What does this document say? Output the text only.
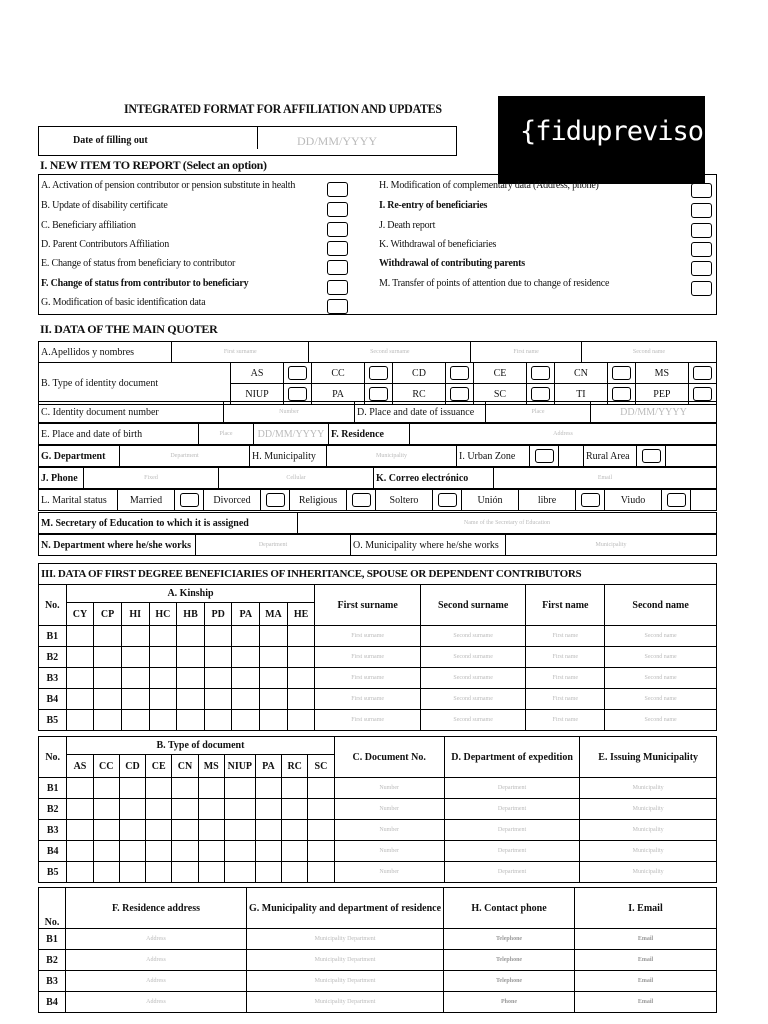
INTEGRATED FORMAT FOR AFFILIATION AND UPDATES
{fiduprevisora)
Date of filling out	DD/MM/YYYY
I. NEW ITEM TO REPORT (Select an option)
A. Activation of pension contributor or pension substitute in health
B. Update of disability certificate
C. Beneficiary affiliation
D. Parent Contributors Affiliation
E. Change of status from beneficiary to contributor
F. Change of status from contributor to beneficiary
G. Modification of basic identification data
H. Modification of complementary data (Address, phone)
I. Re-entry of beneficiaries
J. Death report
K. Withdrawal of beneficiaries
Withdrawal of contributing parents
M. Transfer of points of attention due to change of residence
II. DATA OF THE MAIN QUOTER
A.Apellidos y nombres	First surname	Second surname	First name	Second name
B. Type of identity document	AS		CC		CD		CE		CN		MS	
	NIUP		PA		RC		SC		TI		PEP	
C. Identity document number	Number	D. Place and date of issuance	Place	DD/MM/YYYY
E. Place and date of birth	Place	DD/MM/YYYY	F. Residence	Address
G. Department	Department	H. Municipality	Municipality	I. Urban Zone			Rural Area		
J. Phone	Fixed	Cellular	K. Correo electrónico	Email
L. Marital status	Married		Divorced		Religious		Soltero		Unión	libre		Viudo		
M. Secretary of Education to which it is assigned	Name of the Secretary of Education
N. Department where he/she works	Department	O. Municipality where he/she works	Municipality
III. DATA OF FIRST DEGREE BENEFICIARIES OF INHERITANCE, SPOUSE OR DEPENDENT CONTRIBUTORS
No.	A. Kinship									First surname	Second surname	First name	Second name
	CY	CP	HI	HC	HB	PD	PA	MA	HE				
B1										First surname	Second surname	First name	Second name
B2										First surname	Second surname	First name	Second name
B3										First surname	Second surname	First name	Second name
B4										First surname	Second surname	First name	Second name
B5										First surname	Second surname	First name	Second name
No.	B. Type of document										C. Document No.	D. Department of expedition	E. Issuing Municipality
	AS	CC	CD	CE	CN	MS	NIUP	PA	RC	SC			
B1											Number	Department	Municipality
B2											Number	Department	Municipality
B3											Number	Department	Municipality
B4											Number	Department	Municipality
B5											Number	Department	Municipality
No.	F. Residence address	G. Municipality and department of residence	H. Contact phone	I. Email
B1	Address	Municipality Department	Telephone	Email
B2	Address	Municipality Department	Telephone	Email
B3	Address	Municipality Department	Telephone	Email
B4	Address	Municipality Department	Phone	Email
